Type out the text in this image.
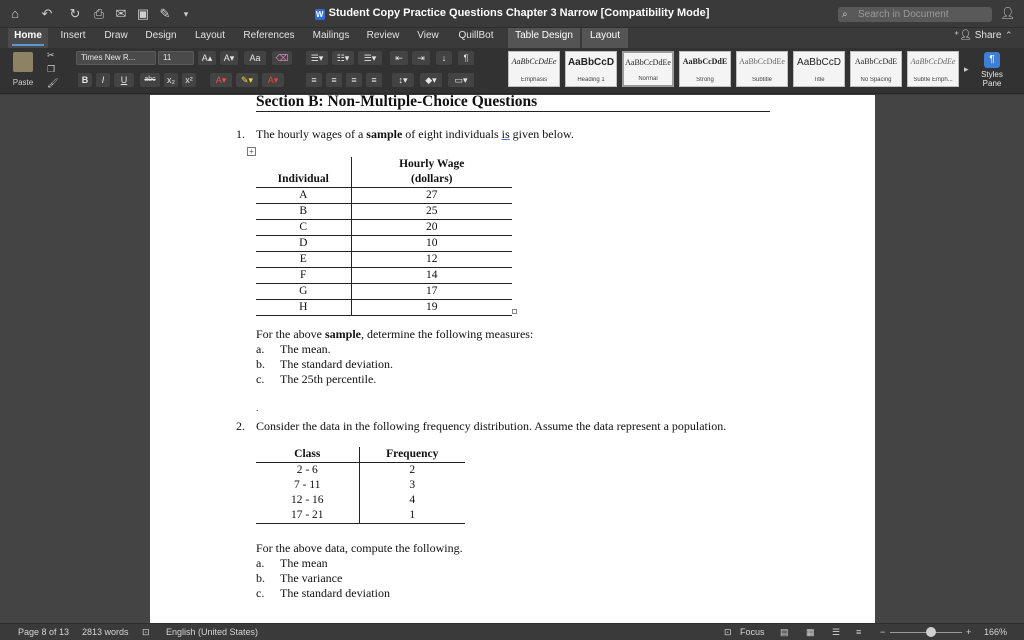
⌂ ↶ ↻ ⎙ ✉ ▣ ✎	▾	W Student Copy Practice Questions Chapter 3 Narrow [Compatibility Mode]	⌕ Search in Document	👤︎
Home	Insert	Draw	Design	Layout	References	Mailings	Review	View	QuillBot	Table Design	Layout	⁺👤︎ Share ⌃
Paste
✂
❐
🖌︎
Times New R...	11	A▴	A▾	Aa	⌫
B	I	U	abc	x₂	x²	A▾	✎▾	A▾
☰▾	☷▾	☰▾	⇤	⇥	↓	¶
≡	≡	≡	≡	↕▾	◆▾	▭▾
AaBbCcDdEe
Emphasis
AaBbCcD
Heading 1
AaBbCcDdEe
Normal
AaBbCcDdE
Strong
AaBbCcDdEe
Subtitle
AaBbCcD
Title
AaBbCcDdE
No Spacing
AaBbCcDdEe
Subtle Emph...
▸
¶
Styles Pane
Section B: Non-Multiple-Choice Questions
1. The hourly wages of a sample of eight individuals is given below.
+
Individual	Hourly Wage
(dollars)
A	27
B	25
C	20
D	10
E	12
F	14
G	17
H	19
For the above sample, determine the following measures:
a. The mean.
b. The standard deviation.
c. The 25th percentile.
.
2. Consider the data in the following frequency distribution. Assume the data represent a population.
Class	Frequency
2 - 6	2
7 - 11	3
12 - 16	4
17 - 21	1
For the above data, compute the following.
a. The mean
b. The variance
c. The standard deviation
Page 8 of 13 2813 words ⊡ English (United States)	⊡ Focus ▤ ▦ ☰ ≡ −	+ 166%
